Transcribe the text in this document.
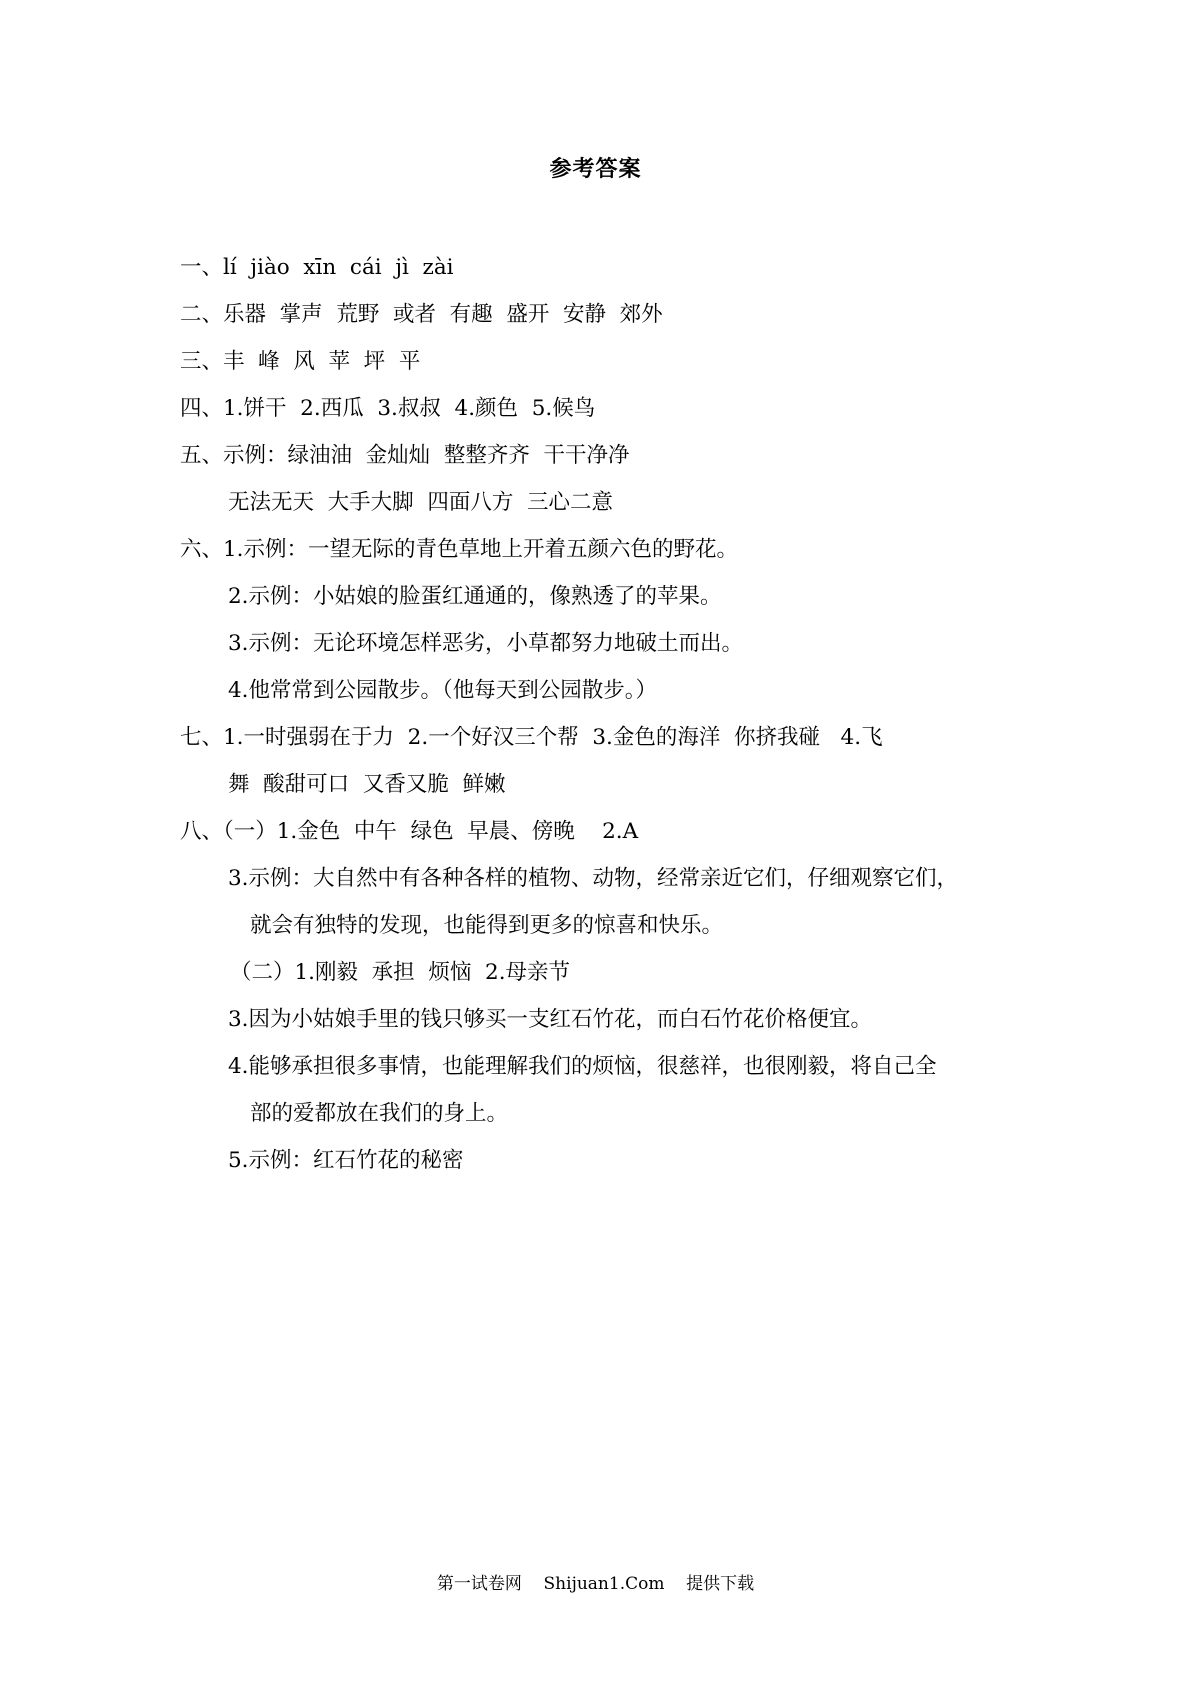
参考答案
一、lí  jiào  xīn  cái  jì  zài
二、乐器  掌声  荒野  或者  有趣  盛开  安静  郊外
三、丰  峰  风  苹  坪  平
四、1.饼干  2.西瓜  3.叔叔  4.颜色  5.候鸟
五、示例：绿油油  金灿灿  整整齐齐  干干净净
无法无天  大手大脚  四面八方  三心二意
六、1.示例：一望无际的青色草地上开着五颜六色的野花。
2.示例：小姑娘的脸蛋红通通的，像熟透了的苹果。
3.示例：无论环境怎样恶劣，小草都努力地破土而出。
4.他常常到公园散步。（他每天到公园散步。）
七、1.一时强弱在于力  2.一个好汉三个帮  3.金色的海洋  你挤我碰   4.飞
舞  酸甜可口  又香又脆  鲜嫩
八、（一）1.金色  中午  绿色  早晨、傍晚    2.A
3.示例：大自然中有各种各样的植物、动物，经常亲近它们，仔细观察它们，
就会有独特的发现，也能得到更多的惊喜和快乐。
（二）1.刚毅  承担  烦恼  2.母亲节
3.因为小姑娘手里的钱只够买一支红石竹花，而白石竹花价格便宜。
4.能够承担很多事情，也能理解我们的烦恼，很慈祥，也很刚毅，将自己全
部的爱都放在我们的身上。
5.示例：红石竹花的秘密
第一试卷网    Shijuan1.Com    提供下载
